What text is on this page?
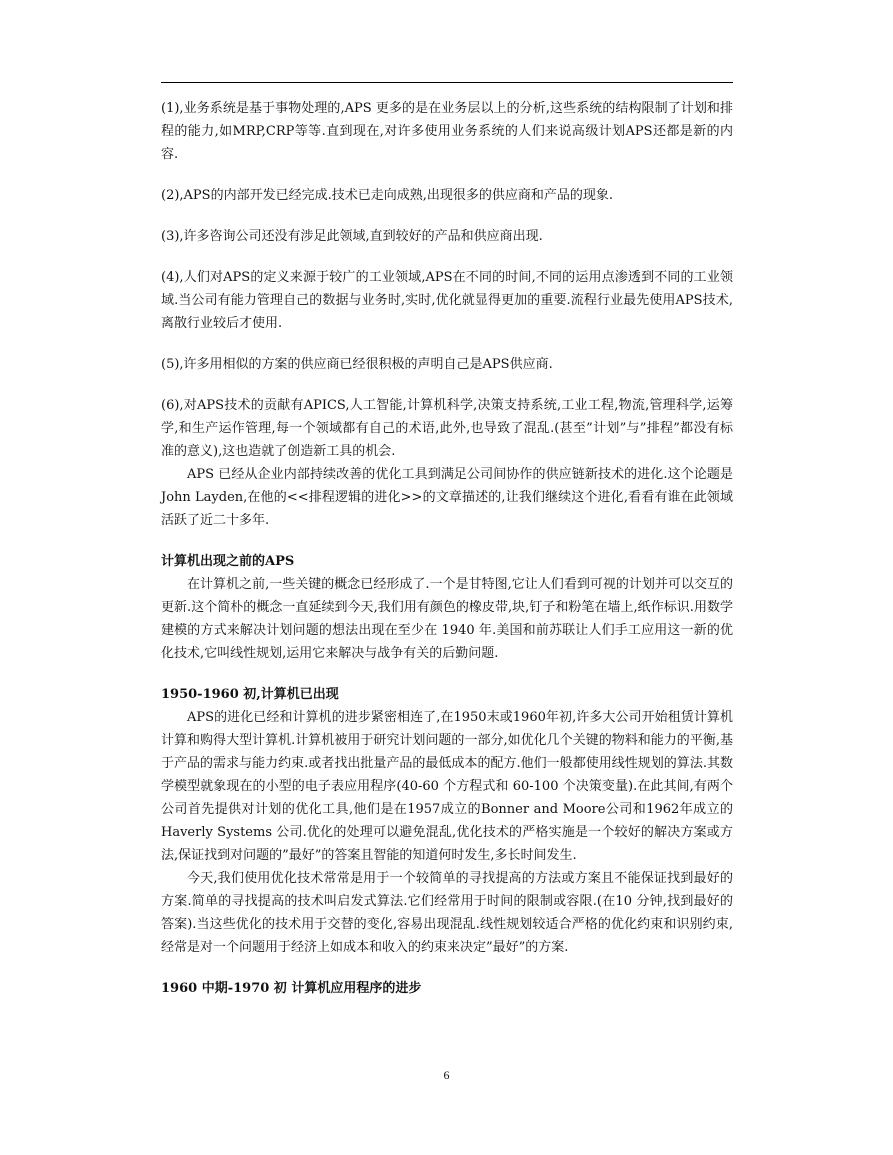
(1),业务系统是基于事物处理的,APS 更多的是在业务层以上的分析,这些系统的结构限制了计划和排程的能力,如MRP,CRP等等.直到现在,对许多使用业务系统的人们来说高级计划APS还都是新的内容.

(2),APS的内部开发已经完成.技术已走向成熟,出现很多的供应商和产品的现象.

(3),许多咨询公司还没有涉足此领域,直到较好的产品和供应商出现.

(4),人们对APS的定义来源于较广的工业领域,APS在不同的时间,不同的运用点渗透到不同的工业领域.当公司有能力管理自己的数据与业务时,实时,优化就显得更加的重要.流程行业最先使用APS技术,离散行业较后才使用.

(5),许多用相似的方案的供应商已经很积极的声明自己是APS供应商.

(6),对APS技术的贡献有APICS,人工智能,计算机科学,决策支持系统,工业工程,物流,管理科学,运筹学,和生产运作管理,每一个领域都有自己的术语,此外,也导致了混乱.(甚至”计划”与”排程”都没有标准的意义),这也造就了创造新工具的机会.

APS 已经从企业内部持续改善的优化工具到满足公司间协作的供应链新技术的进化.这个论题是 John Layden,在他的<<排程逻辑的进化>>的文章描述的,让我们继续这个进化,看看有谁在此领域活跃了近二十多年.

计算机出现之前的APS

在计算机之前,一些关键的概念已经形成了.一个是甘特图,它让人们看到可视的计划并可以交互的更新.这个简朴的概念一直延续到今天,我们用有颜色的橡皮带,块,钉子和粉笔在墙上,纸作标识.用数学建模的方式来解决计划问题的想法出现在至少在 1940 年.美国和前苏联让人们手工应用这一新的优化技术,它叫线性规划,运用它来解决与战争有关的后勤问题.

1950-1960 初,计算机已出现

APS的进化已经和计算机的进步紧密相连了,在1950末或1960年初,许多大公司开始租赁计算机计算和购得大型计算机.计算机被用于研究计划问题的一部分,如优化几个关键的物料和能力的平衡,基于产品的需求与能力约束.或者找出批量产品的最低成本的配方.他们一般都使用线性规划的算法.其数学模型就象现在的小型的电子表应用程序(40-60 个方程式和 60-100 个决策变量).在此其间,有两个公司首先提供对计划的优化工具,他们是在1957成立的Bonner and Moore公司和1962年成立的Haverly Systems 公司.优化的处理可以避免混乱,优化技术的严格实施是一个较好的解决方案或方法,保证找到对问题的”最好”的答案且智能的知道何时发生,多长时间发生.

今天,我们使用优化技术常常是用于一个较简单的寻找提高的方法或方案且不能保证找到最好的方案.简单的寻找提高的技术叫启发式算法.它们经常用于时间的限制或容限.(在10 分钟,找到最好的答案).当这些优化的技术用于交替的变化,容易出现混乱.线性规划较适合严格的优化约束和识别约束,经常是对一个问题用于经济上如成本和收入的约束来决定”最好”的方案.

1960 中期-1970 初 计算机应用程序的进步

6
